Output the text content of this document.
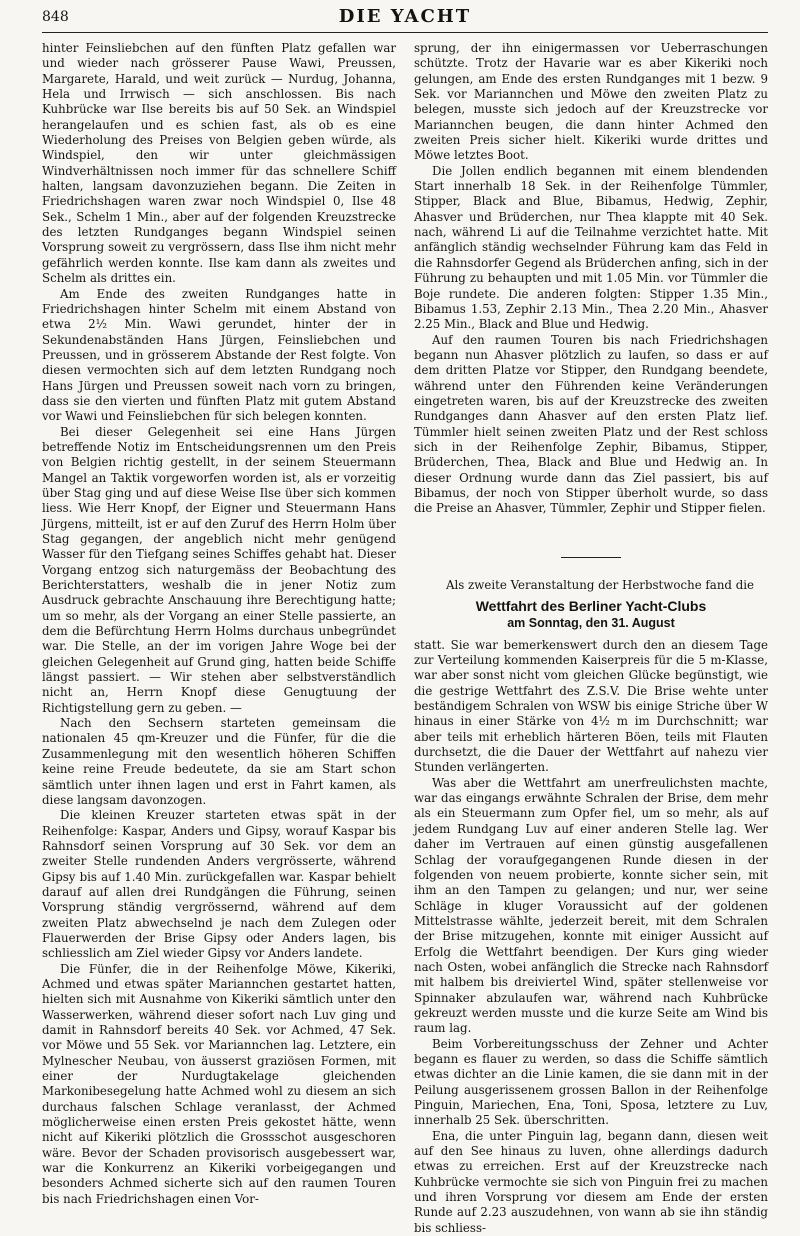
848	DIE YACHT

hinter Feinsliebchen auf den fünften Platz gefallen war und wieder nach grösserer Pause Wawi, Preussen, Margarete, Harald, und weit zurück — Nurdug, Johanna, Hela und Irrwisch — sich anschlossen. Bis nach Kuhbrücke war Ilse bereits bis auf 50 Sek. an Windspiel herangelaufen und es schien fast, als ob es eine Wiederholung des Preises von Belgien geben würde, als Windspiel, den wir unter gleichmässigen Windverhältnissen noch immer für das schnellere Schiff halten, langsam davonzuziehen begann. Die Zeiten in Friedrichshagen waren zwar noch Windspiel 0, Ilse 48 Sek., Schelm 1 Min., aber auf der folgenden Kreuzstrecke des letzten Rundganges begann Windspiel seinen Vorsprung soweit zu vergrössern, dass Ilse ihm nicht mehr gefährlich werden konnte. Ilse kam dann als zweites und Schelm als drittes ein.

Am Ende des zweiten Rundganges hatte in Friedrichshagen hinter Schelm mit einem Abstand von etwa 2½ Min. Wawi gerundet, hinter der in Sekundenabständen Hans Jürgen, Feinsliebchen und Preussen, und in grösserem Abstande der Rest folgte. Von diesen vermochten sich auf dem letzten Rundgang noch Hans Jürgen und Preussen soweit nach vorn zu bringen, dass sie den vierten und fünften Platz mit gutem Abstand vor Wawi und Feinsliebchen für sich belegen konnten.

Bei dieser Gelegenheit sei eine Hans Jürgen betreffende Notiz im Entscheidungsrennen um den Preis von Belgien richtig gestellt, in der seinem Steuermann Mangel an Taktik vorgeworfen worden ist, als er vorzeitig über Stag ging und auf diese Weise Ilse über sich kommen liess. Wie Herr Knopf, der Eigner und Steuermann Hans Jürgens, mitteilt, ist er auf den Zuruf des Herrn Holm über Stag gegangen, der angeblich nicht mehr genügend Wasser für den Tiefgang seines Schiffes gehabt hat. Dieser Vorgang entzog sich naturgemäss der Beobachtung des Berichterstatters, weshalb die in jener Notiz zum Ausdruck gebrachte Anschauung ihre Berechtigung hatte; um so mehr, als der Vorgang an einer Stelle passierte, an dem die Befürchtung Herrn Holms durchaus unbegründet war. Die Stelle, an der im vorigen Jahre Woge bei der gleichen Gelegenheit auf Grund ging, hatten beide Schiffe längst passiert. — Wir stehen aber selbstverständlich nicht an, Herrn Knopf diese Genugtuung der Richtigstellung gern zu geben. —

Nach den Sechsern starteten gemeinsam die nationalen 45 qm-Kreuzer und die Fünfer, für die die Zusammenlegung mit den wesentlich höheren Schiffen keine reine Freude bedeutete, da sie am Start schon sämtlich unter ihnen lagen und erst in Fahrt kamen, als diese langsam davonzogen.

Die kleinen Kreuzer starteten etwas spät in der Reihenfolge: Kaspar, Anders und Gipsy, worauf Kaspar bis Rahnsdorf seinen Vorsprung auf 30 Sek. vor dem an zweiter Stelle rundenden Anders vergrösserte, während Gipsy bis auf 1.40 Min. zurückgefallen war. Kaspar behielt darauf auf allen drei Rundgängen die Führung, seinen Vorsprung ständig vergrössernd, während auf dem zweiten Platz abwechselnd je nach dem Zulegen oder Flauerwerden der Brise Gipsy oder Anders lagen, bis schliesslich am Ziel wieder Gipsy vor Anders landete.

Die Fünfer, die in der Reihenfolge Möwe, Kikeriki, Achmed und etwas später Mariannchen gestartet hatten, hielten sich mit Ausnahme von Kikeriki sämtlich unter den Wasserwerken, während dieser sofort nach Luv ging und damit in Rahnsdorf bereits 40 Sek. vor Achmed, 47 Sek. vor Möwe und 55 Sek. vor Mariannchen lag. Letztere, ein Mylnescher Neubau, von äusserst graziösen Formen, mit einer der Nurdugtakelage gleichenden Markonibesegelung hatte Achmed wohl zu diesem an sich durchaus falschen Schlage veranlasst, der Achmed möglicherweise einen ersten Preis gekostet hätte, wenn nicht auf Kikeriki plötzlich die Grossschot ausgeschoren wäre. Bevor der Schaden provisorisch ausgebessert war, war die Konkurrenz an Kikeriki vorbeigegangen und besonders Achmed sicherte sich auf den raumen Touren bis nach Friedrichshagen einen Vor-

sprung, der ihn einigermassen vor Ueberraschungen schützte. Trotz der Havarie war es aber Kikeriki noch gelungen, am Ende des ersten Rundganges mit 1 bezw. 9 Sek. vor Mariannchen und Möwe den zweiten Platz zu belegen, musste sich jedoch auf der Kreuzstrecke vor Mariannchen beugen, die dann hinter Achmed den zweiten Preis sicher hielt. Kikeriki wurde drittes und Möwe letztes Boot.

Die Jollen endlich begannen mit einem blendenden Start innerhalb 18 Sek. in der Reihenfolge Tümmler, Stipper, Black and Blue, Bibamus, Hedwig, Zephir, Ahasver und Brüderchen, nur Thea klappte mit 40 Sek. nach, während Li auf die Teilnahme verzichtet hatte. Mit anfänglich ständig wechselnder Führung kam das Feld in die Rahnsdorfer Gegend als Brüderchen anfing, sich in der Führung zu behaupten und mit 1.05 Min. vor Tümmler die Boje rundete. Die anderen folgten: Stipper 1.35 Min., Bibamus 1.53, Zephir 2.13 Min., Thea 2.20 Min., Ahasver 2.25 Min., Black and Blue und Hedwig.

Auf den raumen Touren bis nach Friedrichshagen begann nun Ahasver plötzlich zu laufen, so dass er auf dem dritten Platze vor Stipper, den Rundgang beendete, während unter den Führenden keine Veränderungen eingetreten waren, bis auf der Kreuzstrecke des zweiten Rundganges dann Ahasver auf den ersten Platz lief. Tümmler hielt seinen zweiten Platz und der Rest schloss sich in der Reihenfolge Zephir, Bibamus, Stipper, Brüderchen, Thea, Black and Blue und Hedwig an. In dieser Ordnung wurde dann das Ziel passiert, bis auf Bibamus, der noch von Stipper überholt wurde, so dass die Preise an Ahasver, Tümmler, Zephir und Stipper fielen.

Als zweite Veranstaltung der Herbstwoche fand die

Wettfahrt des Berliner Yacht-Clubs
am Sonntag, den 31. August

statt. Sie war bemerkenswert durch den an diesem Tage zur Verteilung kommenden Kaiserpreis für die 5 m-Klasse, war aber sonst nicht vom gleichen Glücke begünstigt, wie die gestrige Wettfahrt des Z.S.V. Die Brise wehte unter beständigem Schralen von WSW bis einige Striche über W hinaus in einer Stärke von 4½ m im Durchschnitt; war aber teils mit erheblich härteren Böen, teils mit Flauten durchsetzt, die die Dauer der Wettfahrt auf nahezu vier Stunden verlängerten.

Was aber die Wettfahrt am unerfreulichsten machte, war das eingangs erwähnte Schralen der Brise, dem mehr als ein Steuermann zum Opfer fiel, um so mehr, als auf jedem Rundgang Luv auf einer anderen Stelle lag. Wer daher im Vertrauen auf einen günstig ausgefallenen Schlag der voraufgegangenen Runde diesen in der folgenden von neuem probierte, konnte sicher sein, mit ihm an den Tampen zu gelangen; und nur, wer seine Schläge in kluger Voraussicht auf der goldenen Mittelstrasse wählte, jederzeit bereit, mit dem Schralen der Brise mitzugehen, konnte mit einiger Aussicht auf Erfolg die Wettfahrt beendigen. Der Kurs ging wieder nach Osten, wobei anfänglich die Strecke nach Rahnsdorf mit halbem bis dreiviertel Wind, später stellenweise vor Spinnaker abzulaufen war, während nach Kuhbrücke gekreuzt werden musste und die kurze Seite am Wind bis raum lag.

Beim Vorbereitungsschuss der Zehner und Achter begann es flauer zu werden, so dass die Schiffe sämtlich etwas dichter an die Linie kamen, die sie dann mit in der Peilung ausgerissenem grossen Ballon in der Reihenfolge Pinguin, Mariechen, Ena, Toni, Sposa, letztere zu Luv, innerhalb 25 Sek. überschritten.

Ena, die unter Pinguin lag, begann dann, diesen weit auf den See hinaus zu luven, ohne allerdings dadurch etwas zu erreichen. Erst auf der Kreuzstrecke nach Kuhbrücke vermochte sie sich von Pinguin frei zu machen und ihren Vorsprung vor diesem am Ende der ersten Runde auf 2.23 auszudehnen, von wann ab sie ihn ständig bis schliess-
